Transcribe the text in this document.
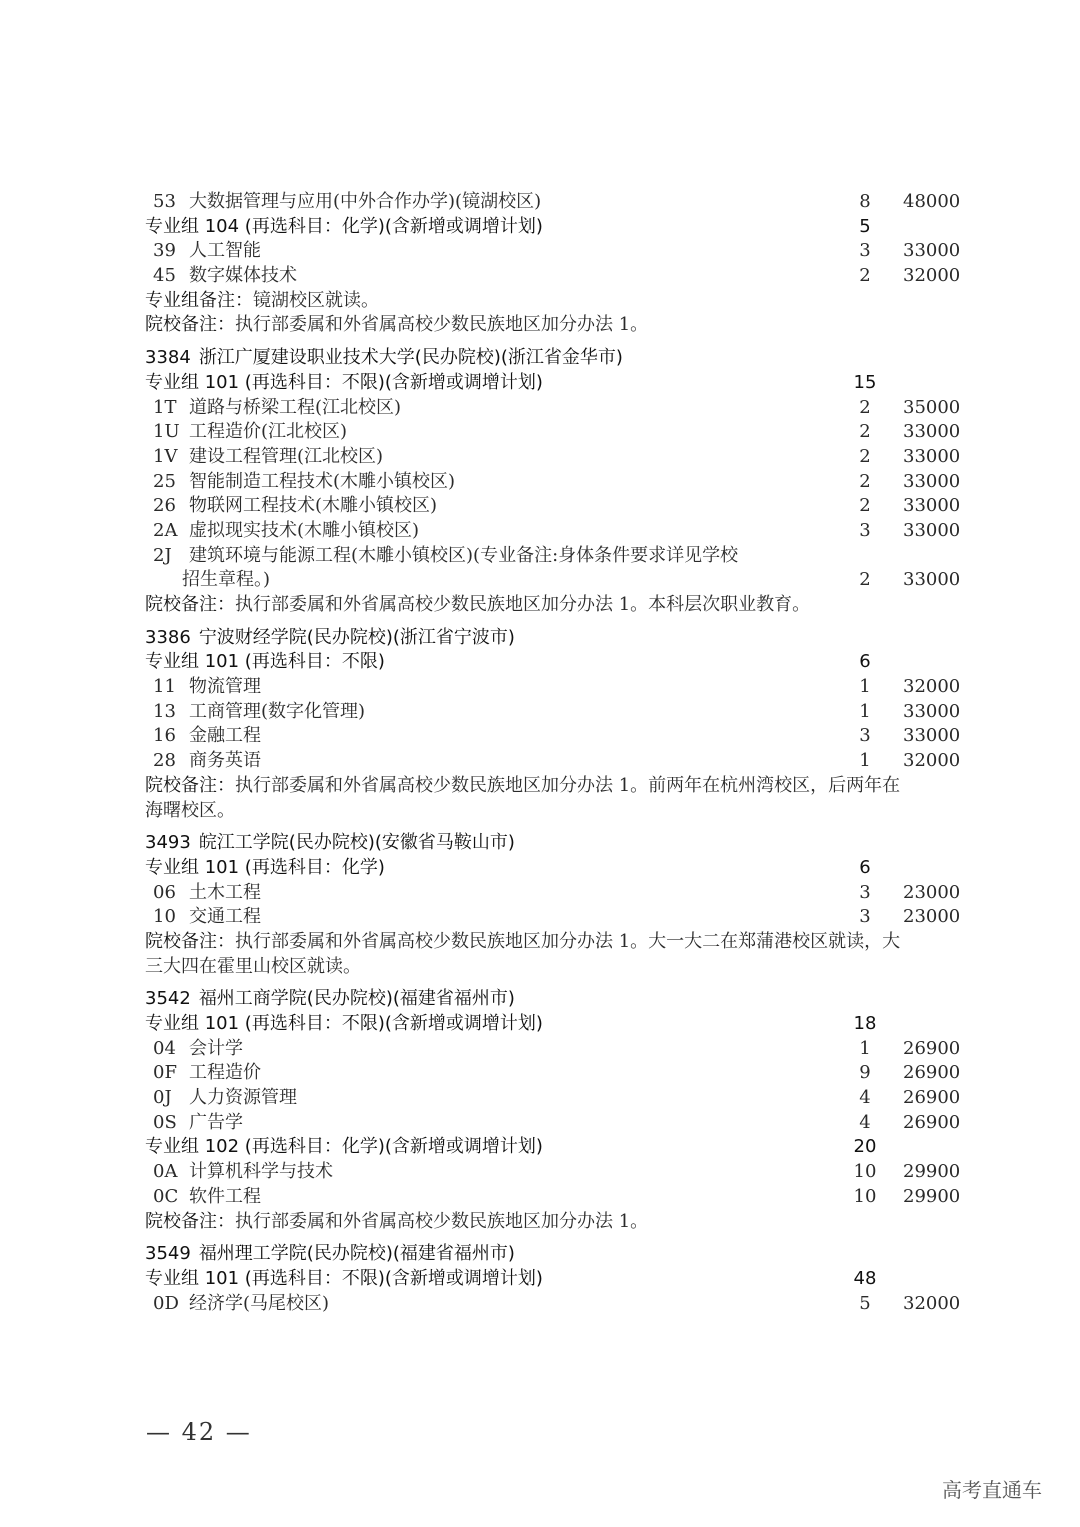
53 大数据管理与应用(中外合作办学)(镜湖校区)	8	48000
专业组 104 (再选科目：化学)(含新增或调增计划)	5
39 人工智能	3	33000
45 数字媒体技术	2	32000
专业组备注：镜湖校区就读。
院校备注：执行部委属和外省属高校少数民族地区加分办法 1。
3384 浙江广厦建设职业技术大学(民办院校)(浙江省金华市)
专业组 101 (再选科目：不限)(含新增或调增计划)	15
1T 道路与桥梁工程(江北校区)	2	35000
1U 工程造价(江北校区)	2	33000
1V 建设工程管理(江北校区)	2	33000
25 智能制造工程技术(木雕小镇校区)	2	33000
26 物联网工程技术(木雕小镇校区)	2	33000
2A 虚拟现实技术(木雕小镇校区)	3	33000
2J 建筑环境与能源工程(木雕小镇校区)(专业备注:身体条件要求详见学校
招生章程。)	2	33000
院校备注：执行部委属和外省属高校少数民族地区加分办法 1。本科层次职业教育。
3386 宁波财经学院(民办院校)(浙江省宁波市)
专业组 101 (再选科目：不限)	6
11 物流管理	1	32000
13 工商管理(数字化管理)	1	33000
16 金融工程	3	33000
28 商务英语	1	32000
院校备注：执行部委属和外省属高校少数民族地区加分办法 1。前两年在杭州湾校区，后两年在
海曙校区。
3493 皖江工学院(民办院校)(安徽省马鞍山市)
专业组 101 (再选科目：化学)	6
06 土木工程	3	23000
10 交通工程	3	23000
院校备注：执行部委属和外省属高校少数民族地区加分办法 1。大一大二在郑蒲港校区就读，大
三大四在霍里山校区就读。
3542 福州工商学院(民办院校)(福建省福州市)
专业组 101 (再选科目：不限)(含新增或调增计划)	18
04 会计学	1	26900
0F 工程造价	9	26900
0J 人力资源管理	4	26900
0S 广告学	4	26900
专业组 102 (再选科目：化学)(含新增或调增计划)	20
0A 计算机科学与技术	10 29900
0C 软件工程	10 29900
院校备注：执行部委属和外省属高校少数民族地区加分办法 1。
3549 福州理工学院(民办院校)(福建省福州市)
专业组 101 (再选科目：不限)(含新增或调增计划)	48
0D 经济学(马尾校区)	5	32000
— 42 —
高考直通车
